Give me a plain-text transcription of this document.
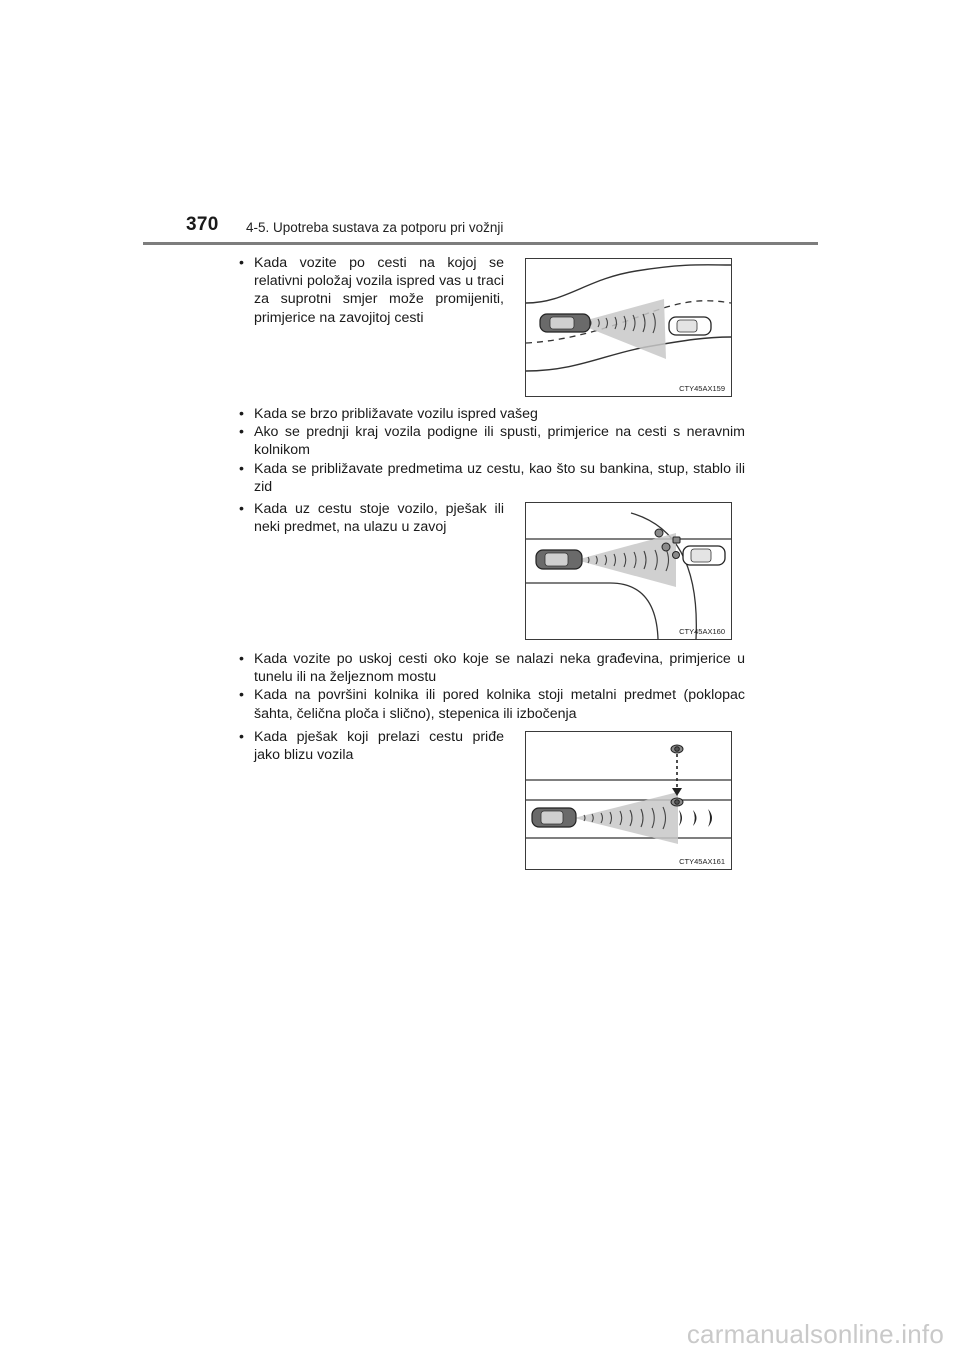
370 4-5. Upotreba sustava za potporu pri vožnji
• Kada vozite po cesti na kojoj se relativni položaj vozila ispred vas u traci za suprotni smjer može promijeniti, primjerice na zavojitoj cesti
CTY45AX159
• Kada se brzo približavate vozilu ispred vašeg
• Ako se prednji kraj vozila podigne ili spusti, primjerice na cesti s neravnim kolnikom
• Kada se približavate predmetima uz cestu, kao što su bankina, stup, stablo ili zid
• Kada uz cestu stoje vozilo, pješak ili neki predmet, na ulazu u zavoj
CTY45AX160
• Kada vozite po uskoj cesti oko koje se nalazi neka građevina, primjerice u tunelu ili na željeznom mostu
• Kada na površini kolnika ili pored kolnika stoji metalni predmet (poklopac šahta, čelična ploča i slično), stepenica ili izbočenja
• Kada pješak koji prelazi cestu priđe jako blizu vozila
CTY45AX161
carmanualsonline.info
